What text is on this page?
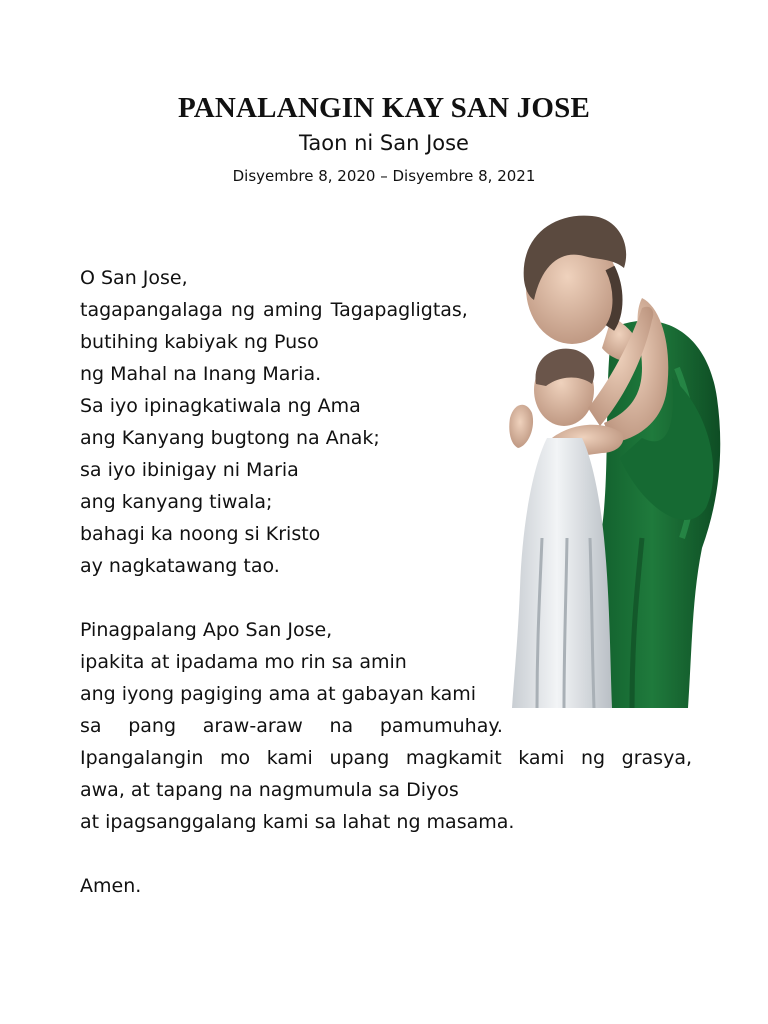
PANALANGIN KAY SAN JOSE

Taon ni San Jose

Disyembre 8, 2020 – Disyembre 8, 2021

O San Jose,
tagapangalaga ng aming Tagapagligtas,
butihing kabiyak ng Puso
ng Mahal na Inang Maria.
Sa iyo ipinagkatiwala ng Ama
ang Kanyang bugtong na Anak;
sa iyo ibinigay ni Maria
ang kanyang tiwala;
bahagi ka noong si Kristo
ay nagkatawang tao.
Pinagpalang Apo San Jose,
ipakita at ipadama mo rin sa amin
ang iyong pagiging ama at gabayan kami
sa pang araw-araw na pamumuhay.
Ipangalangin mo kami upang magkamit kami ng grasya,
awa, at tapang na nagmumula sa Diyos
at ipagsanggalang kami sa lahat ng masama.
Amen.
